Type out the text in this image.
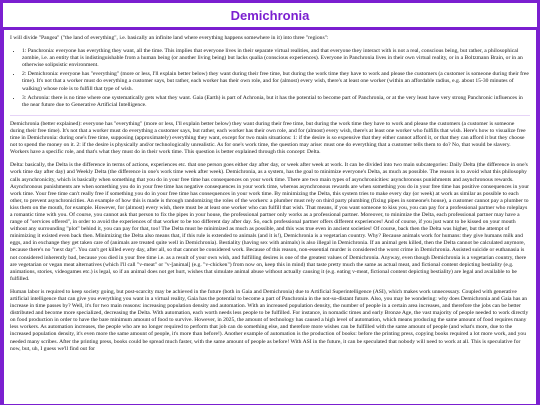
Demichronia

I will divide "Pangea" ("the land of everything", i.e. basically an infinite land where everything happens somewhere in it) into three "regions":

• 1: Panchronia: everyone has everything they want, all the time. This implies that everyone lives in their separate virtual realities, and that everyone they interact with is not a real, conscious being, but rather, a philosophical zombie, i.e. an entity that is indistinguishable from a human being (or another living being) but lacks qualia (conscious experiences). Everyone in Panchronia lives in their own virtual reality, or in a Boltzmann Brain, or in an otherwise solipsistic environment.
• 2: Demichronia: everyone has "everything" (more or less, I'll explain better below) they want during their free time, but during the work time they have to work and please the customers (a customer is someone during their free time). It's not that a worker must do everything a customer says, but rather, each worker has their own role, and for (almost) every wish, there's at least one worker (within an affordable radius, e.g. about 15-30 minutes of walking) whose role is to fulfill that type of wish.
• 3: Achronia: there is no time where one systematically gets what they want. Gaia (Earth) is part of Achronia, but it has the potential to become part of Panchronia, or at the very least have very strong Panchronic influences in the near future due to Generative Artificial Intelligence.

Demichronia (better explained): everyone has "everything" (more or less, I'll explain better below) they want during their free time, but during the work time they have to work and please the customers (a customer is someone during their free time). It's not that a worker must do everything a customer says, but rather, each worker has their own role, and for (almost) every wish, there's at least one worker who fulfills that wish. Here's how to visualize free time in Demichronia: during one's free time, supposing (approximately) everything they want, except for two main situations: 1: if the desire is so expensive that they either cannot afford it, or that they can afford it but they choose not to spend the money on it. 2: if the desire is physically and/or technologically unrealistic. As for one's work time, the question may arise: must one do everything that a customer tells them to do? No, that would be slavery. Workers have a specific role, and that's what they must do in their work time. This question is better explained through this concept: Delta.

Delta: basically, the Delta is the difference in terms of actions, experiences etc. that one person goes either day after day, or week after week at work. It can be divided into two main subcategories: Daily Delta (the difference in one's work time day after day) and Weekly Delta (the difference in one's work time week after week). Demichronia, as a system, has the goal to minimize everyone's Delta, as much as possible. The reason is to avoid what this philosophy calls asynchronicity, which is basically when something that you do in your free time has consequences on your work time. There are two main types of asynchronicities: asynchronous punishments and asynchronous rewards. Asynchronous punishments are when something you do in your free time has negative consequences in your work time, whereas asynchronous rewards are when something you do in your free time has positive consequences in your work time. Your free time can't really free if something you do in your free time has consequences in your work time. By minimizing the Delta, this system tries to make every day (or week) at work as similar as possible to each other, to prevent asynchronicities. An example of how this is made is through randomizing the roles of the workers: a plumber must rely on third party plumbing (fixing pipes in someone's house), a customer cannot pay a plumber to kiss them on the mouth, for example. However, for (almost) every wish, there must be at least one worker who can fulfill that wish. That means, if you want someone to kiss you, you can pay for a professional partner who roleplays a romantic time with you. Of course, you cannot ask that person to fix the pipes in your house, the professional partner only works as a professional partner. Moreover, to minimize the Delta, each professional partner may have a range of "services offered", in order to avoid the experiences of that worker to be too different day after day. So, each professional partner offers different experiences! And of course, if you just want to be kissed on your mouth without any surrounding "plot" behind it, you can pay for that, too! The Delta must be minimized as much as possible, and this was true even in ancient societies! Of course, back then the Delta was higher, but the attempt of minimizing it existed even back then. Minimizing the Delta also means that, if this rule is extended to animals (and it is!), Demichronia is a vegetarian country. Why? Because animals work for humans: they give humans milk and eggs, and in exchange they get taken care of (animals are treated quite well in Demichronia). Bestiality (having sex with animals) is also illegal in Demichronia. If an animal gets killed, then the Delta cannot be calculated anymore, because there's no "next day". You can't get killed every day, after all, so that cannot be considered work. Because of this reason, non-essential murder is considered the worst crime in Demichronia. Assisted suicide or euthanasia is not considered inherently bad, because you died in your free time i.e. as a result of your own wish, and fulfilling desires is one of the greatest values of Demichronia. Anyway, even though Demichronia is a vegetarian country, there are vegetarian or vegan meat alternatives (which I'll call "v-meat" or "v-[animal] (e.g. "v-chicken") from now on, keep this in mind) that taste pretty much the same as actual meat, and fictional content depicting bestiality (e.g. animations, stories, videogames etc.) is legal, so if an animal does not get hurt, wishes that simulate animal abuse without actually causing it (e.g. eating v-meat, fictional content depicting bestiality) are legal and available to be fulfilled.

Human labor is required to keep society going, but post-scarcity may be achieved in the future (both in Gaia and Demichronia) due to Artificial Superintelligence (ASI), which makes work unnecessary. Coupled with generative artificial intelligence that can give you everything you want in a virtual reality, Gaia has the potential to become a part of Panchronia in the not-so-distant future. Also, you may be wondering: why does Demichronia and Gaia has an increase in time passes by? Well, it's for two main reasons: increasing population density and automation. With an increased population density, the number of people in a certain area increases, and therefore the jobs can be better distributed and become more specialized, decreasing the Delta. With automation, each worth needs less people to be fulfilled. For instance, in nomadic times and early Bronze Age, the vast majority of people needed to work directly on food production in order to have the bare minimum amount of food to survive. However, in 2025, the amount of technology has caused a high level of automation, which means producing the same amount of food requires many less workers. As automation increases, the people who are no longer required to perform that job can do something else, and therefore more wishes can be fulfilled with the same amount of people (and what's more, due to the increased population density, it's even more the same amount of people, it's more than before!). Another example of automation is the production of books: before the printing press, copying books required a lot more work, and you needed many scribes. After the printing press, books could be spread much faster, with the same amount of people as before! With ASI in the future, it can be speculated that nobody will need to work at all. This is speculative for now, but, uh, I guess we'll find out for
